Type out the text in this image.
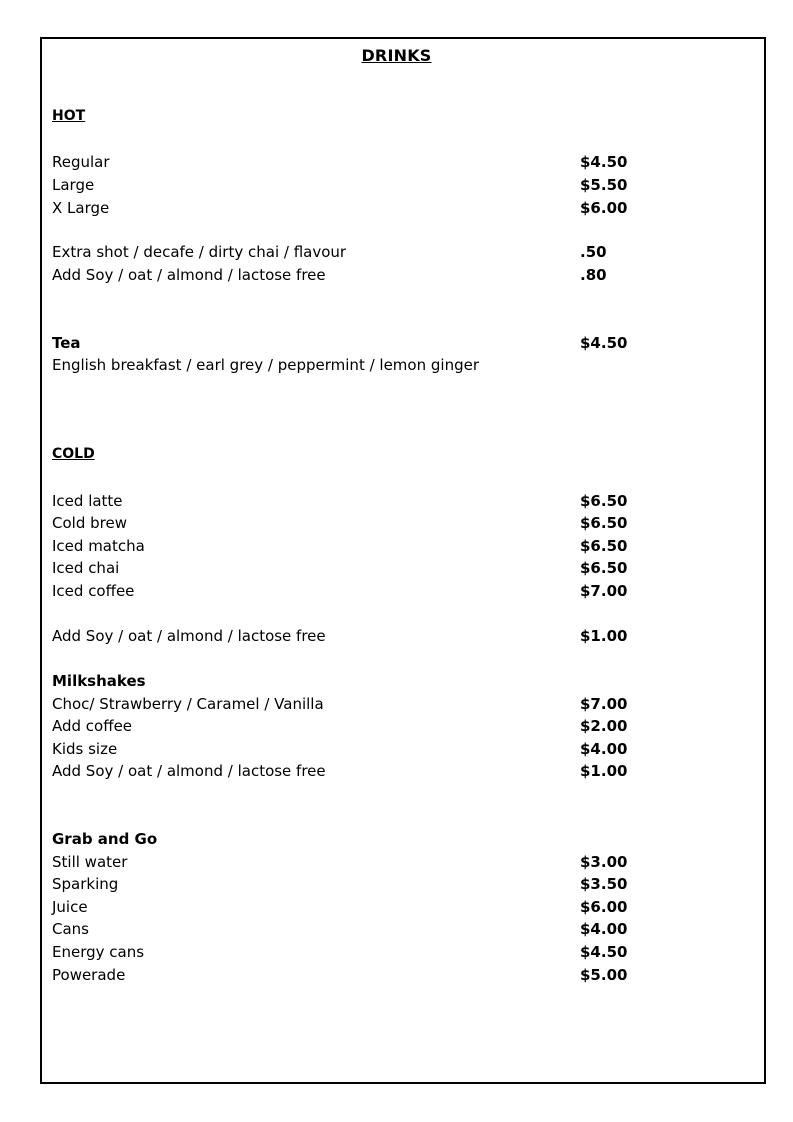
DRINKS
HOT
Regular	$4.50
Large	$5.50
X Large	$6.00
Extra shot / decafe / dirty chai / flavour	.50
Add Soy / oat / almond / lactose free	.80
Tea	$4.50
English breakfast / earl grey / peppermint / lemon ginger
COLD
Iced latte	$6.50
Cold brew	$6.50
Iced matcha	$6.50
Iced chai	$6.50
Iced coffee	$7.00
Add Soy / oat / almond / lactose free	$1.00
Milkshakes
Choc/ Strawberry / Caramel / Vanilla	$7.00
Add coffee	$2.00
Kids size	$4.00
Add Soy / oat / almond / lactose free	$1.00
Grab and Go
Still water	$3.00
Sparking	$3.50
Juice	$6.00
Cans	$4.00
Energy cans	$4.50
Powerade	$5.00
